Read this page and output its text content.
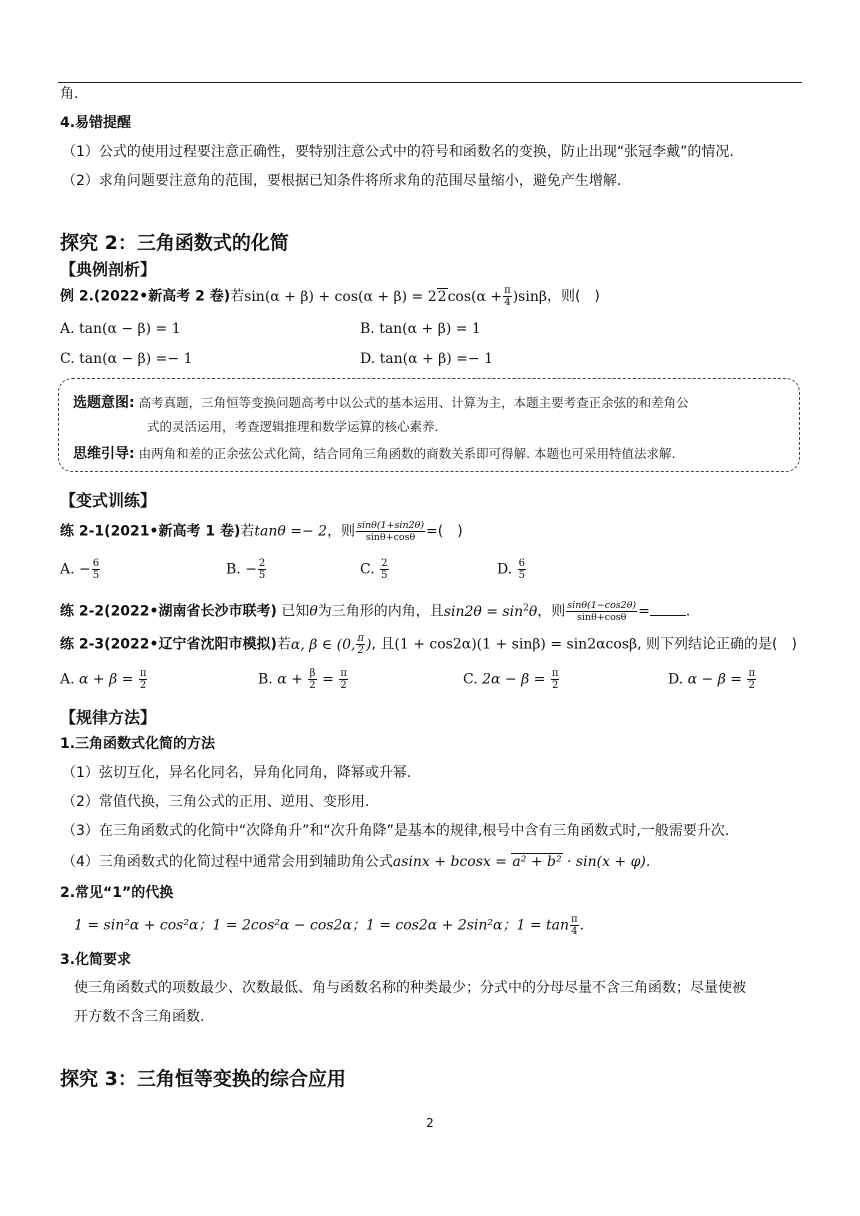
角.
4.易错提醒
（1）公式的使用过程要注意正确性，要特别注意公式中的符号和函数名的变换，防止出现“张冠李戴”的情况.
（2）求角问题要注意角的范围，要根据已知条件将所求角的范围尽量缩小，避免产生增解.
探究 2：三角函数式的化简
【典例剖析】
例 2.(2022•新高考 2 卷)若$\sin(\alpha + \beta) + \cos(\alpha + \beta) = 22\cos(\alpha + \frac{\pi}{4} )\sin\beta$，则(　)
A. tan(α − β) = 1	B. tan(α + β) = 1
C. tan(α − β) =− 1	D. tan(α + β) =− 1
选题意图: 高考真题，三角恒等变换问题高考中以公式的基本运用、计算为主，本题主要考查正余弦的和差角公
式的灵活运用，考查逻辑推理和数学运算的核心素养.
思维引导: 由两角和差的正余弦公式化简，结合同角三角函数的商数关系即可得解. 本题也可采用特值法求解.
【变式训练】
练 2-1(2021•新高考 1 卷)若tanθ =− 2，则 $\frac{\sin\theta(1+\sin 2\theta)}{\sin\theta+\cos\theta}$ =(　)
A. − $\frac{6}{5}$	B. − $\frac{2}{5}$	C. $\frac{2}{5}$	D. $\frac{6}{5}$
练 2-2(2022•湖南省长沙市联考) 已知θ为三角形的内角，且$\sin 2\theta = \sin^2\theta$，则 $\frac{\sin\theta(1-\cos 2\theta)}{\sin\theta+\cos\theta}$ =	.
练 2-3(2022•辽宁省沈阳市模拟)若α, β ∈ (0, $\frac{\pi}{2}$ ), 且(1 + cos2α)(1 + sinβ) = sin2αcosβ, 则下列结论正确的是(　)
A. $\alpha + \beta = \frac{\pi}{2}$	B. $\alpha + \frac{\beta}{2} = \frac{\pi}{2}$	C. $2\alpha - \beta = \frac{\pi}{2}$	D. $\alpha - \beta = \frac{\pi}{2}$
【规律方法】
1.三角函数式化简的方法
（1）弦切互化，异名化同名，异角化同角，降幂或升幂.
（2）常值代换，三角公式的正用、逆用、变形用.
（3）在三角函数式的化简中“次降角升”和“次升角降”是基本的规律,根号中含有三角函数式时,一般需要升次.
（4）三角函数式的化简过程中通常会用到辅助角公式asinx + bcosx = a² + b² · sin(x + φ).
2.常见“1”的代换
1 = sin²α + cos²α；1 = 2cos²α − cos2α；1 = cos2α + 2sin²α；$1 = \tan \frac{\pi}{4}$ .
3.化简要求
使三角函数式的项数最少、次数最低、角与函数名称的种类最少；分式中的分母尽量不含三角函数；尽量使被
开方数不含三角函数.
探究 3：三角恒等变换的综合应用
2
